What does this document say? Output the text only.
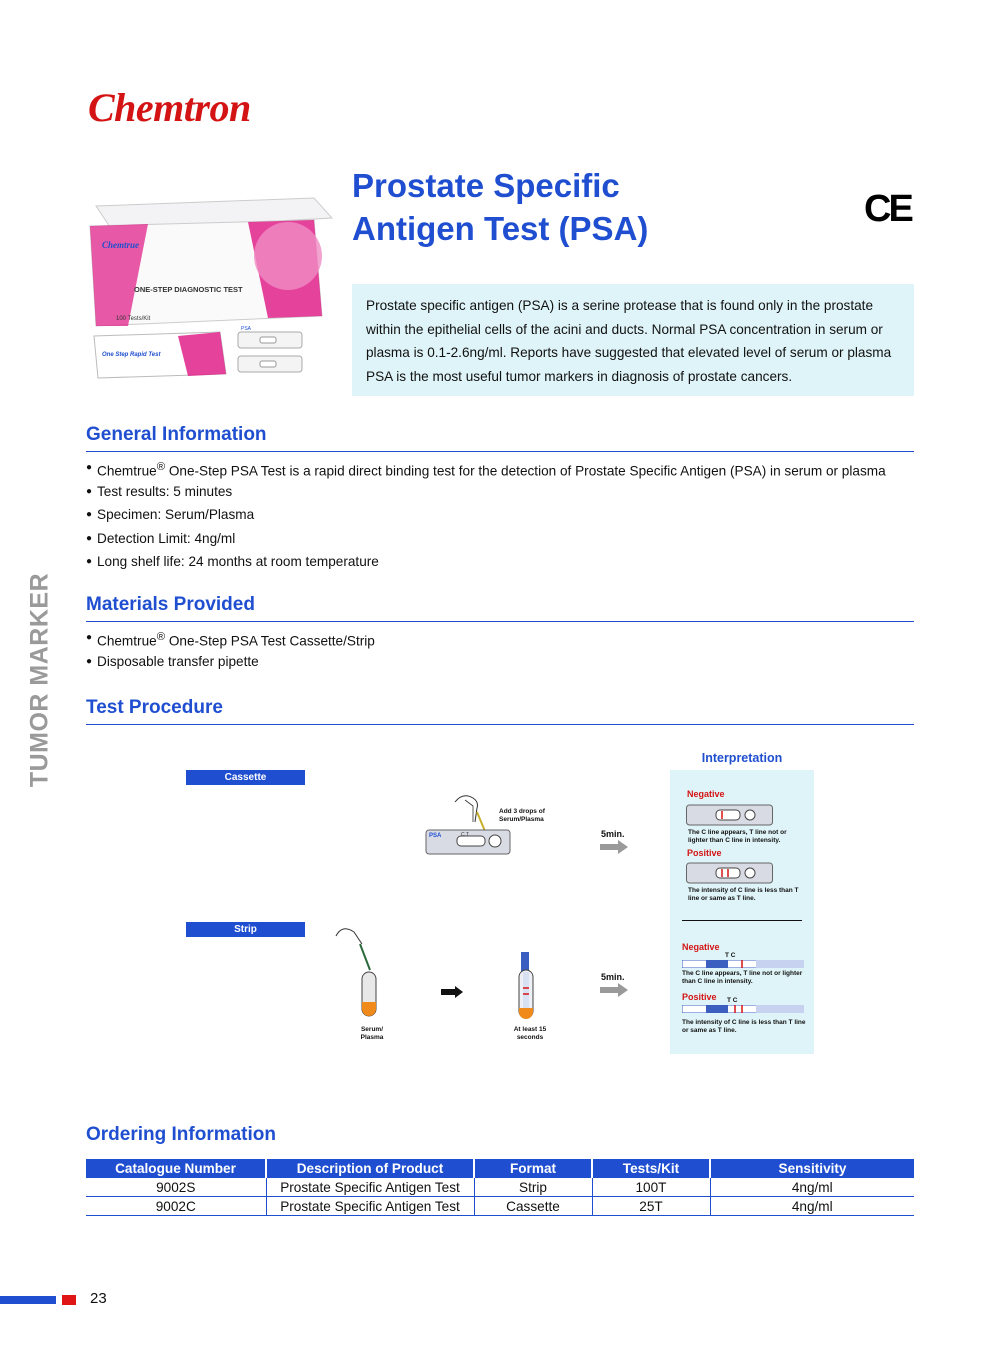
Chemtron
TUMOR MARKER
Prostate Specific
Antigen Test (PSA)	CE
Chemtrue
ONE-STEP DIAGNOSTIC TEST
100 Tests/Kit
One Step Rapid Test
PSA

Prostate specific antigen (PSA) is a serine protease that is found only in the prostate within the epithelial cells of the acini and ducts. Normal PSA concentration in serum or plasma is 0.1-2.6ng/ml. Reports have suggested that elevated level of serum or plasma PSA is the most useful tumor markers in diagnosis of prostate cancers.

General Information
● Chemtrue® One-Step PSA Test is a rapid direct binding test for the detection of Prostate Specific Antigen (PSA) in serum or plasma
● Test results: 5 minutes
● Specimen: Serum/Plasma
● Detection Limit: 4ng/ml
● Long shelf life: 24 months at room temperature
Materials Provided
● Chemtrue® One-Step PSA Test Cassette/Strip
● Disposable transfer pipette
Test Procedure
Cassette
Strip
PSA	C T
Add 3 drops of Serum/Plasma
5min.
Serum/ Plasma
At least 15 seconds
5min.
Interpretation
Negative
The C line appears, T line not or lighter than C line in intensity.
Positive
The intensity of C line is less than T line or same as T line.
Negative
T C
The C line appears, T line not or lighter than C line in intensity.
Positive T C
The intensity of C line is less than T line or same as T line.
Ordering Information
Catalogue Number	Description of Product	Format	Tests/Kit	Sensitivity
9002S	Prostate Specific Antigen Test	Strip	100T	4ng/ml
9002C	Prostate Specific Antigen Test	Cassette	25T	4ng/ml
23
